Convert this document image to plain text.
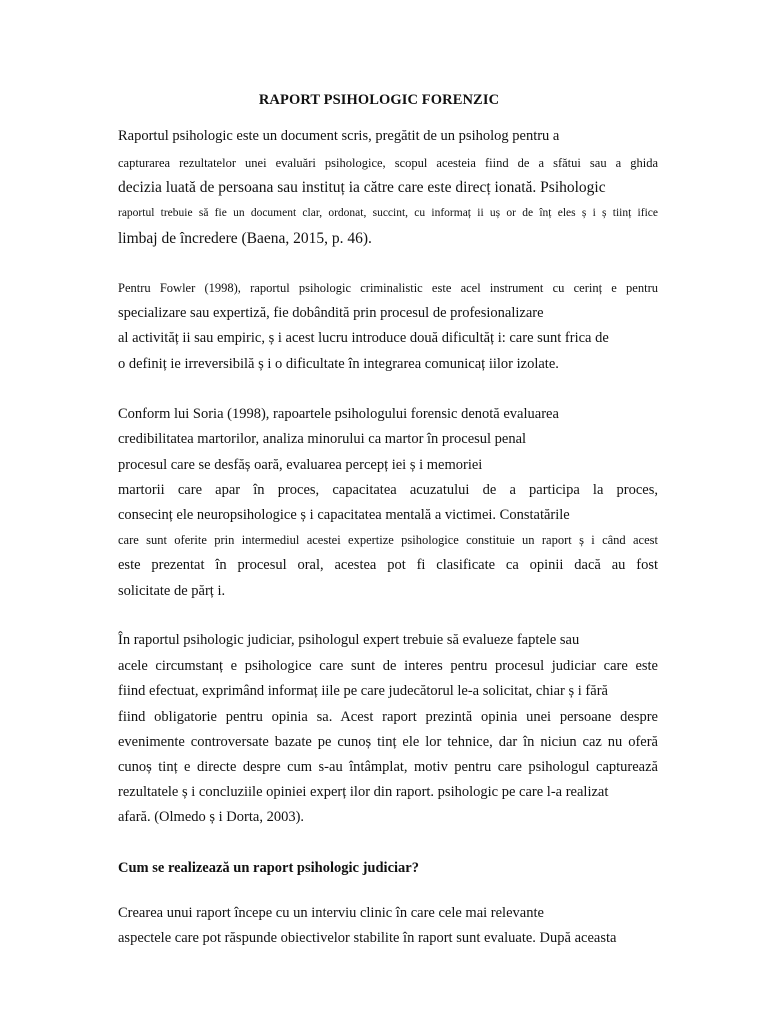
RAPORT PSIHOLOGIC FORENZIC
Raportul psihologic este un document scris, pregătit de un psiholog pentru a
capturarea rezultatelor unei evaluări psihologice, scopul acesteia fiind de a sfătui sau a ghida
decizia luată de persoana sau instituț ia către care este direcț ionată. Psihologic
raportul trebuie să fie un document clar, ordonat, succint, cu informaț ii uș or de înț eles ș i ș tiinț ifice
limbaj de încredere (Baena, 2015, p. 46).
Pentru Fowler (1998), raportul psihologic criminalistic este acel instrument cu cerinț e pentru
specializare sau expertiză, fie dobândită prin procesul de profesionalizare
al activităț ii sau empiric, ș i acest lucru introduce două dificultăț i: care sunt frica de
o definiț ie irreversibilă ș i o dificultate în integrarea comunicaț iilor izolate.
Conform lui Soria (1998), rapoartele psihologului forensic denotă evaluarea
credibilitatea martorilor, analiza minorului ca martor în procesul penal
procesul care se desfăș oară, evaluarea percepț iei ș i memoriei
martorii care apar în proces, capacitatea acuzatului de a participa la proces,
consecinț ele neuropsihologice ș i capacitatea mentală a victimei. Constatările
care sunt oferite prin intermediul acestei expertize psihologice constituie un raport ș i când acest
este prezentat în procesul oral, acestea pot fi clasificate ca opinii dacă au fost
solicitate de părț i.
În raportul psihologic judiciar, psihologul expert trebuie să evalueze faptele sau
acele circumstanț e psihologice care sunt de interes pentru procesul judiciar care este
fiind efectuat, exprimând informaț iile pe care judecătorul le-a solicitat, chiar ș i fără
fiind obligatorie pentru opinia sa. Acest raport prezintă opinia unei persoane despre
evenimente controversate bazate pe cunoș tinț ele lor tehnice, dar în niciun caz nu oferă
cunoș tinț e directe despre cum s-au întâmplat, motiv pentru care psihologul capturează
rezultatele ș i concluziile opiniei experț ilor din raport. psihologic pe care l-a realizat
afară. (Olmedo ș i Dorta, 2003).
Cum se realizează un raport psihologic judiciar?
Crearea unui raport începe cu un interviu clinic în care cele mai relevante
aspectele care pot răspunde obiectivelor stabilite în raport sunt evaluate. După aceasta
